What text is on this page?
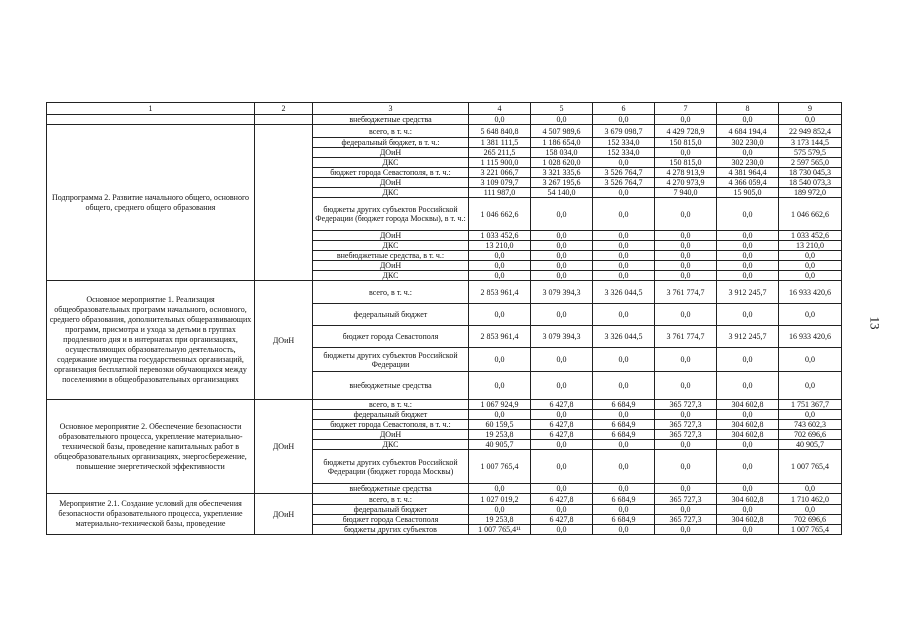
13
1	2	3	4	5	6	7	8	9
		внебюджетные средства	0,0	0,0	0,0	0,0	0,0	0,0
Подпрограмма 2. Развитие начального общего, основного общего, среднего общего образования		всего, в т. ч.:	5 648 840,8	4 507 989,6	3 679 098,7	4 429 728,9	4 684 194,4	22 949 852,4
		федеральный бюджет, в т. ч.:	1 381 111,5	1 186 654,0	152 334,0	150 815,0	302 230,0	3 173 144,5
		ДОиН	265 211,5	158 034,0	152 334,0	0,0	0,0	575 579,5
		ДКС	1 115 900,0	1 028 620,0	0,0	150 815,0	302 230,0	2 597 565,0
		бюджет города Севастополя, в т. ч.:	3 221 066,7	3 321 335,6	3 526 764,7	4 278 913,9	4 381 964,4	18 730 045,3
		ДОиН	3 109 079,7	3 267 195,6	3 526 764,7	4 270 973,9	4 366 059,4	18 540 073,3
		ДКС	111 987,0	54 140,0	0,0	7 940,0	15 905,0	189 972,0
		бюджеты других субъектов Российской Федерации (бюджет города Москвы), в т. ч.:	1 046 662,6	0,0	0,0	0,0	0,0	1 046 662,6
		ДОиН	1 033 452,6	0,0	0,0	0,0	0,0	1 033 452,6
		ДКС	13 210,0	0,0	0,0	0,0	0,0	13 210,0
		внебюджетные средства, в т. ч.:	0,0	0,0	0,0	0,0	0,0	0,0
		ДОиН	0,0	0,0	0,0	0,0	0,0	0,0
		ДКС	0,0	0,0	0,0	0,0	0,0	0,0
Основное мероприятие 1. Реализация общеобразовательных программ начального, основного, среднего образования, дополнительных общеразвивающих программ, присмотра и ухода за детьми в группах продленного дня и в интернатах при организациях, осуществляющих образовательную деятельность, содержание имущества государственных организаций, организация бесплатной перевозки обучающихся между поселениями в общеобразовательных организациях	ДОиН	всего, в т. ч.:	2 853 961,4	3 079 394,3	3 326 044,5	3 761 774,7	3 912 245,7	16 933 420,6
		федеральный бюджет	0,0	0,0	0,0	0,0	0,0	0,0
		бюджет города Севастополя	2 853 961,4	3 079 394,3	3 326 044,5	3 761 774,7	3 912 245,7	16 933 420,6
		бюджеты других субъектов Российской Федерации	0,0	0,0	0,0	0,0	0,0	0,0
		внебюджетные средства	0,0	0,0	0,0	0,0	0,0	0,0
Основное мероприятие 2. Обеспечение безопасности образовательного процесса, укрепление материально-технической базы, проведение капитальных работ в общеобразовательных организациях, энергосбережение, повышение энергетической эффективности	ДОиН	всего, в т. ч.:	1 067 924,9	6 427,8	6 684,9	365 727,3	304 602,8	1 751 367,7
		федеральный бюджет	0,0	0,0	0,0	0,0	0,0	0,0
		бюджет города Севастополя, в т. ч.:	60 159,5	6 427,8	6 684,9	365 727,3	304 602,8	743 602,3
		ДОиН	19 253,8	6 427,8	6 684,9	365 727,3	304 602,8	702 696,6
		ДКС	40 905,7	0,0	0,0	0,0	0,0	40 905,7
		бюджеты других субъектов Российской Федерации (бюджет города Москвы)	1 007 765,4	0,0	0,0	0,0	0,0	1 007 765,4
		внебюджетные средства	0,0	0,0	0,0	0,0	0,0	0,0
Мероприятие 2.1. Создание условий для обеспечения безопасности образовательного процесса, укрепление материально-технической базы, проведение	ДОиН	всего, в т. ч.:	1 027 019,2	6 427,8	6 684,9	365 727,3	304 602,8	1 710 462,0
		федеральный бюджет	0,0	0,0	0,0	0,0	0,0	0,0
		бюджет города Севастополя	19 253,8	6 427,8	6 684,9	365 727,3	304 602,8	702 696,6
		бюджеты других субъектов	1 007 765,4¹¹	0,0	0,0	0,0	0,0	1 007 765,4
